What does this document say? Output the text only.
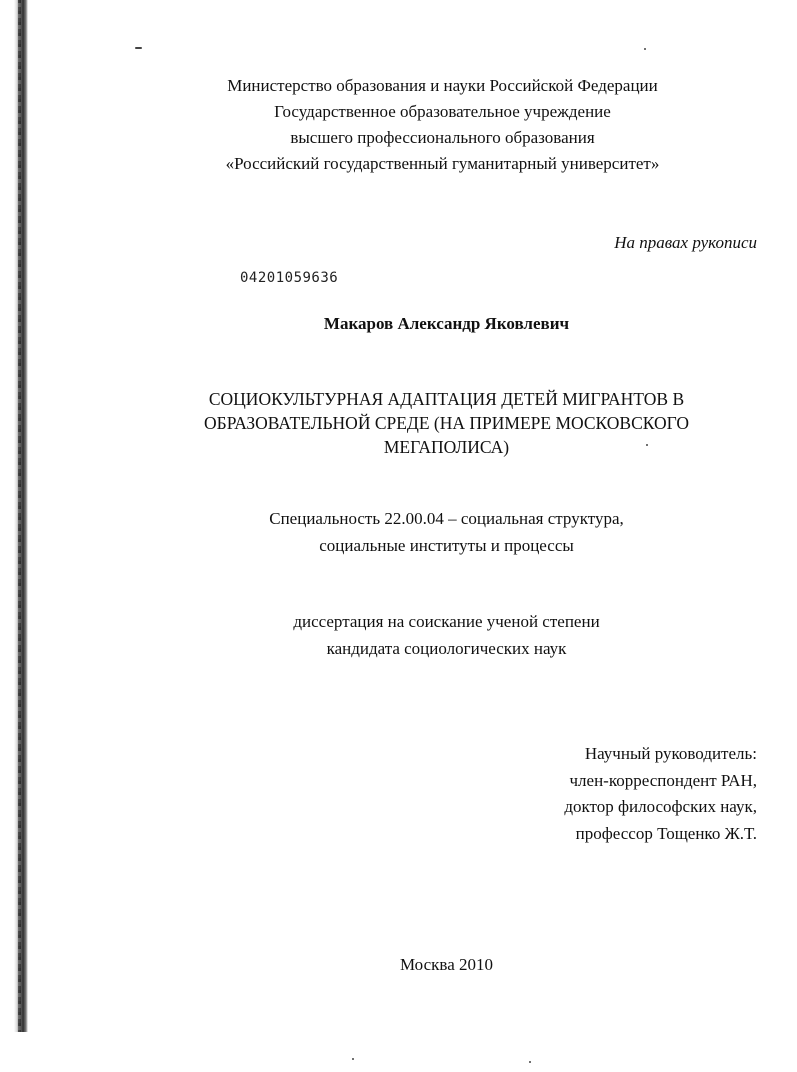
Министерство образования и науки Российской Федерации
Государственное образовательное учреждение
высшего профессионального образования
«Российский государственный гуманитарный университет»
На правах рукописи
04201059636
Макаров Александр Яковлевич
СОЦИОКУЛЬТУРНАЯ АДАПТАЦИЯ ДЕТЕЙ МИГРАНТОВ В
ОБРАЗОВАТЕЛЬНОЙ СРЕДЕ (НА ПРИМЕРЕ МОСКОВСКОГО
МЕГАПОЛИСА)
Специальность 22.00.04 – социальная структура,
социальные институты и процессы
диссертация на соискание ученой степени
кандидата социологических наук
Научный руководитель:
член-корреспондент РАН,
доктор философских наук,
профессор Тощенко Ж.Т.
Москва 2010
